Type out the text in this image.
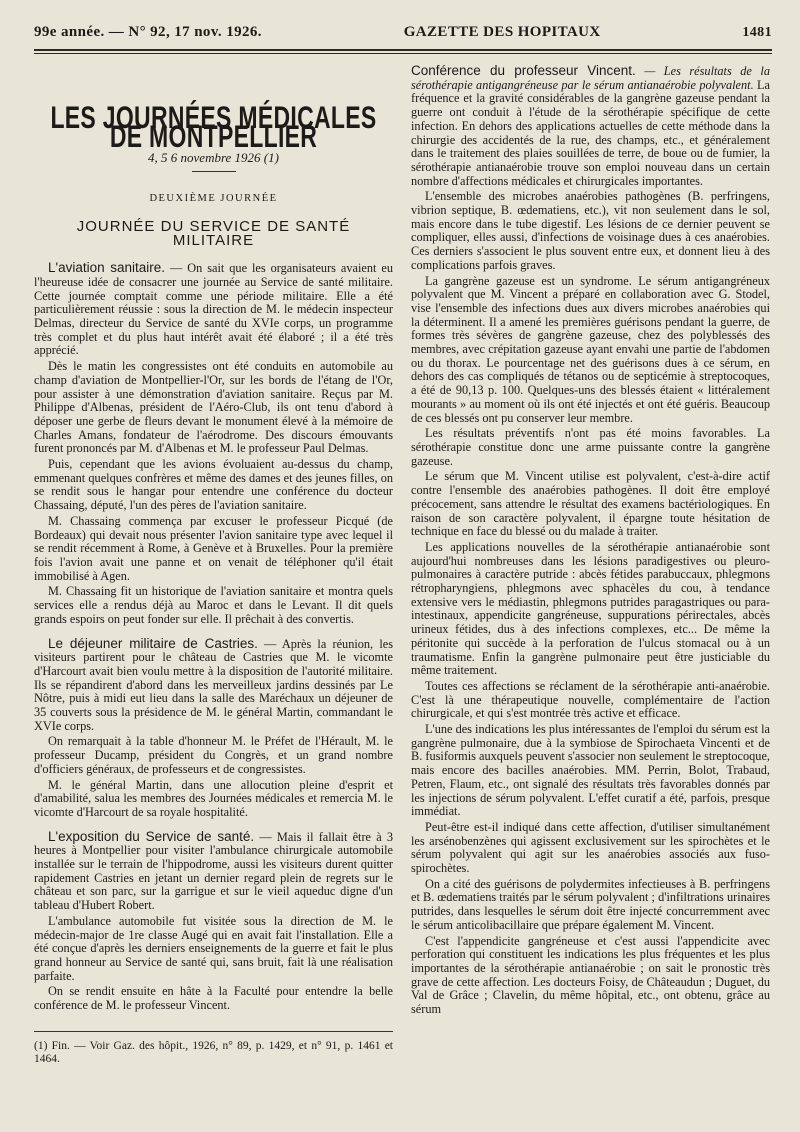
99e année. — N° 92, 17 nov. 1926.	GAZETTE DES HOPITAUX	1481
LES JOURNÉES MÉDICALES DE MONTPELLIER
4, 5 6 novembre 1926 (1)
DEUXIÈME JOURNÉE
JOURNÉE DU SERVICE DE SANTÉ MILITAIRE

L'aviation sanitaire. — On sait que les organisateurs avaient eu l'heureuse idée de consacrer une journée au Service de santé militaire. Cette journée comptait comme une période militaire. Elle a été particulièrement réussie : sous la direction de M. le médecin inspecteur Delmas, directeur du Service de santé du XVIe corps, un programme très complet et du plus haut intérêt avait été élaboré ; il a été très apprécié.

Dès le matin les congressistes ont été conduits en automobile au champ d'aviation de Montpellier-l'Or, sur les bords de l'étang de l'Or, pour assister à une démonstration d'aviation sanitaire. Reçus par M. Philippe d'Albenas, président de l'Aéro-Club, ils ont tenu d'abord à déposer une gerbe de fleurs devant le monument élevé à la mémoire de Charles Amans, fondateur de l'aérodrome. Des discours émouvants furent prononcés par M. d'Albenas et M. le professeur Paul Delmas.

Puis, cependant que les avions évoluaient au-dessus du champ, emmenant quelques confrères et même des dames et des jeunes filles, on se rendit sous le hangar pour entendre une conférence du docteur Chassaing, député, l'un des pères de l'aviation sanitaire.

M. Chassaing commença par excuser le professeur Picqué (de Bordeaux) qui devait nous présenter l'avion sanitaire type avec lequel il se rendit récemment à Rome, à Genève et à Bruxelles. Pour la première fois l'avion avait une panne et on venait de téléphoner qu'il était immobilisé à Agen.

M. Chassaing fit un historique de l'aviation sanitaire et montra quels services elle a rendus déjà au Maroc et dans le Levant. Il dit quels grands espoirs on peut fonder sur elle. Il prêchait à des convertis.

Le déjeuner militaire de Castries. — Après la réunion, les visiteurs partirent pour le château de Castries que M. le vicomte d'Harcourt avait bien voulu mettre à la disposition de l'autorité militaire. Ils se répandirent d'abord dans les merveilleux jardins dessinés par Le Nôtre, puis à midi eut lieu dans la salle des Maréchaux un déjeuner de 35 couverts sous la présidence de M. le général Martin, commandant le XVIe corps.

On remarquait à la table d'honneur M. le Préfet de l'Hérault, M. le professeur Ducamp, président du Congrès, et un grand nombre d'officiers généraux, de professeurs et de congressistes.

M. le général Martin, dans une allocution pleine d'esprit et d'amabilité, salua les membres des Journées médicales et remercia M. le vicomte d'Harcourt de sa royale hospitalité.

L'exposition du Service de santé. — Mais il fallait être à 3 heures à Montpellier pour visiter l'ambulance chirurgicale automobile installée sur le terrain de l'hippodrome, aussi les visiteurs durent quitter rapidement Castries en jetant un dernier regard plein de regrets sur le château et son parc, sur la garrigue et sur le vieil aqueduc digne d'un tableau d'Hubert Robert.

L'ambulance automobile fut visitée sous la direction de M. le médecin-major de 1re classe Augé qui en avait fait l'installation. Elle a été conçue d'après les derniers enseignements de la guerre et fait le plus grand honneur au Service de santé qui, sans bruit, fait là une réalisation parfaite.

On se rendit ensuite en hâte à la Faculté pour entendre la belle conférence de M. le professeur Vincent.

(1) Fin. — Voir Gaz. des hôpit., 1926, n° 89, p. 1429, et n° 91, p. 1461 et 1464.

Conférence du professeur Vincent. — Les résultats de la sérothérapie antigangréneuse par le sérum antianaérobie polyvalent. La fréquence et la gravité considérables de la gangrène gazeuse pendant la guerre ont conduit à l'étude de la sérothérapie spécifique de cette infection. En dehors des applications actuelles de cette méthode dans la chirurgie des accidentés de la rue, des champs, etc., et généralement dans le traitement des plaies souillées de terre, de boue ou de fumier, la sérothérapie antianaérobie trouve son emploi nouveau dans un certain nombre d'affections médicales et chirurgicales importantes.

L'ensemble des microbes anaérobies pathogènes (B. perfringens, vibrion septique, B. œdematiens, etc.), vit non seulement dans le sol, mais encore dans le tube digestif. Les lésions de ce dernier peuvent se compliquer, elles aussi, d'infections de voisinage dues à ces anaérobies. Ces derniers s'associent le plus souvent entre eux, et donnent lieu à des complications parfois graves.

La gangrène gazeuse est un syndrome. Le sérum antigangréneux polyvalent que M. Vincent a préparé en collaboration avec G. Stodel, vise l'ensemble des infections dues aux divers microbes anaérobies qui la déterminent. Il a amené les premières guérisons pendant la guerre, de formes très sévères de gangrène gazeuse, chez des polyblessés des membres, avec crépitation gazeuse ayant envahi une partie de l'abdomen ou du thorax. Le pourcentage net des guérisons dues à ce sérum, en dehors des cas compliqués de tétanos ou de septicémie à streptocoques, a été de 90,13 p. 100. Quelques-uns des blessés étaient « littéralement mourants » au moment où ils ont été injectés et ont été guéris. Beaucoup de ces blessés ont pu conserver leur membre.

Les résultats préventifs n'ont pas été moins favorables. La sérothérapie constitue donc une arme puissante contre la gangrène gazeuse.

Le sérum que M. Vincent utilise est polyvalent, c'est-à-dire actif contre l'ensemble des anaérobies pathogènes. Il doit être employé précocement, sans attendre le résultat des examens bactériologiques. En raison de son caractère polyvalent, il épargne toute hésitation de technique en face du blessé ou du malade à traiter.

Les applications nouvelles de la sérothérapie antianaérobie sont aujourd'hui nombreuses dans les lésions paradigestives ou pleuro-pulmonaires à caractère putride : abcès fétides parabuccaux, phlegmons rétropharyngiens, phlegmons avec sphacèles du cou, à tendance extensive vers le médiastin, phlegmons putrides paragastriques ou para-intestinaux, appendicite gangréneuse, suppurations périrectales, abcès urineux fétides, dus à des infections complexes, etc... De même la péritonite qui succède à la perforation de l'ulcus stomacal ou à un traumatisme. Enfin la gangrène pulmonaire peut être justiciable du même traitement.

Toutes ces affections se réclament de la sérothérapie anti-anaérobie. C'est là une thérapeutique nouvelle, complémentaire de l'action chirurgicale, et qui s'est montrée très active et efficace.

L'une des indications les plus intéressantes de l'emploi du sérum est la gangrène pulmonaire, due à la symbiose de Spirochaeta Vincenti et de B. fusiformis auxquels peuvent s'associer non seulement le streptocoque, mais encore des bacilles anaérobies. MM. Perrin, Bolot, Trabaud, Petren, Flaum, etc., ont signalé des résultats très favorables donnés par les injections de sérum polyvalent. L'effet curatif a été, parfois, presque immédiat.

Peut-être est-il indiqué dans cette affection, d'utiliser simultanément les arsénobenzènes qui agissent exclusivement sur les spirochètes et le sérum polyvalent qui agit sur les anaérobies associés aux fuso-spirochètes.

On a cité des guérisons de polydermites infectieuses à B. perfringens et B. œdematiens traités par le sérum polyvalent ; d'infiltrations urinaires putrides, dans lesquelles le sérum doit être injecté concurremment avec le sérum anticolibacillaire que prépare également M. Vincent.

C'est l'appendicite gangréneuse et c'est aussi l'appendicite avec perforation qui constituent les indications les plus fréquentes et les plus importantes de la sérothérapie antianaérobie ; on sait le pronostic très grave de cette affection. Les docteurs Foisy, de Châteaudun ; Duguet, du Val de Grâce ; Clavelin, du même hôpital, etc., ont obtenu, grâce au sérum
